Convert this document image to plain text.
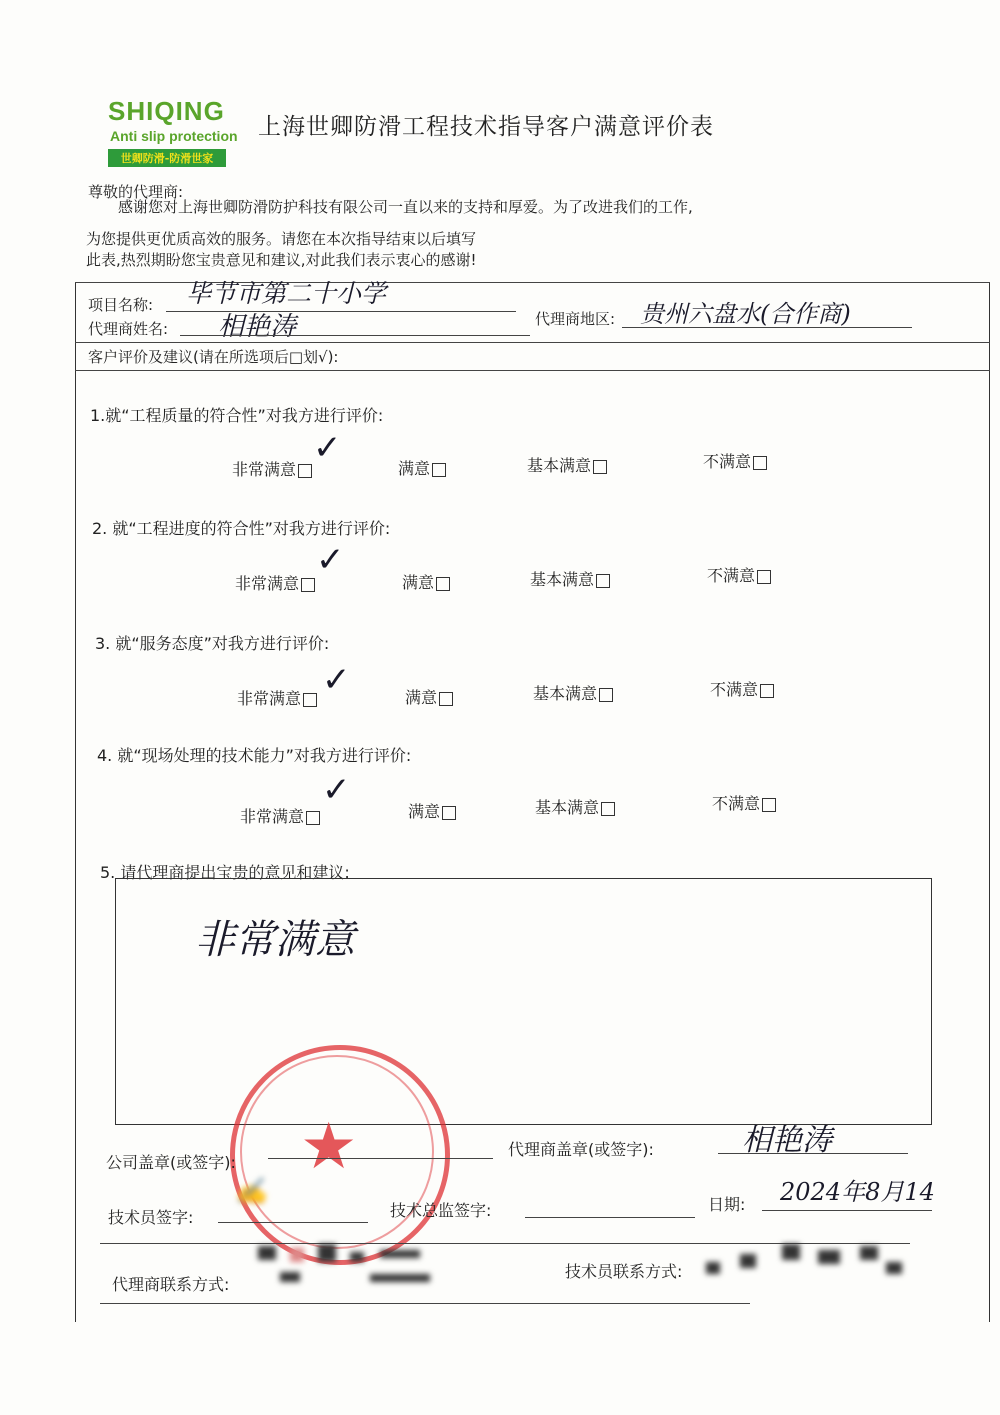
SHIQING
Anti slip protection
世卿防滑-防滑世家
上海世卿防滑工程技术指导客户满意评价表
尊敬的代理商:
感谢您对上海世卿防滑防护科技有限公司一直以来的支持和厚爱。为了改进我们的工作,
为您提供更优质高效的服务。请您在本次指导结束以后填写
此表,热烈期盼您宝贵意见和建议,对此我们表示衷心的感谢!
项目名称: 毕节市第二十小学
代理商姓名: 相艳涛	代理商地区: 贵州六盘水(合作商)
客户评价及建议(请在所选项后□划√):
1.就“工程质量的符合性”对我方进行评价:
非常满意
✓
满意	基本满意	不满意
2. 就“工程进度的符合性”对我方进行评价:
非常满意
✓
满意	基本满意	不满意
3. 就“服务态度”对我方进行评价:
非常满意 ✓	满意	基本满意	不满意
4. 就“现场处理的技术能力”对我方进行评价:
非常满意
✓
满意	基本满意	不满意
5. 请代理商提出宝贵的意见和建议:
非常满意
★
公司盖章(或签字):
代理商盖章(或签字):	相艳涛
技术员签字:
✍
技术总监签字:	日期: 2024年8月14
代理商联系方式:
技术员联系方式:
